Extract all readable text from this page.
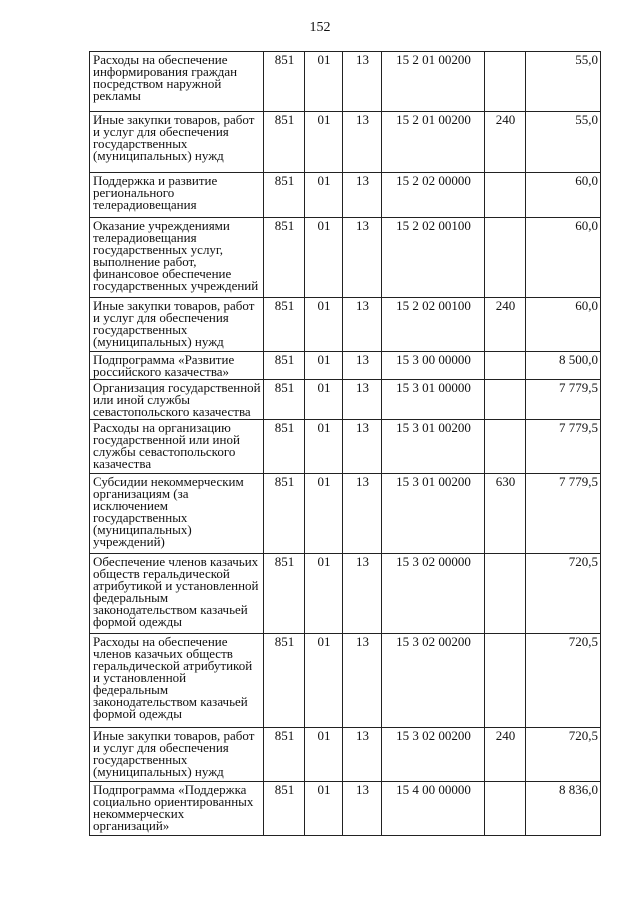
152
Расходы на обеспечение информирования граждан посредством наружной рекламы	851	01	13	15 2 01 00200		55,0
Иные закупки товаров, работ и услуг для обеспечения государственных (муниципальных) нужд	851	01	13	15 2 01 00200	240	55,0
Поддержка и развитие регионального телерадиовещания	851	01	13	15 2 02 00000		60,0
Оказание учреждениями телерадиовещания государственных услуг, выполнение работ, финансовое обеспечение государственных учреждений	851	01	13	15 2 02 00100		60,0
Иные закупки товаров, работ и услуг для обеспечения государственных (муниципальных) нужд	851	01	13	15 2 02 00100	240	60,0
Подпрограмма «Развитие российского казачества»	851	01	13	15 3 00 00000		8 500,0
Организация государственной или иной службы севастопольского казачества	851	01	13	15 3 01 00000		7 779,5
Расходы на организацию государственной или иной службы севастопольского казачества	851	01	13	15 3 01 00200		7 779,5
Субсидии некоммерческим организациям (за исключением государственных (муниципальных) учреждений)	851	01	13	15 3 01 00200	630	7 779,5
Обеспечение членов казачьих обществ геральдической атрибутикой и установленной федеральным законодательством казачьей формой одежды	851	01	13	15 3 02 00000		720,5
Расходы на обеспечение членов казачьих обществ геральдической атрибутикой и установленной федеральным законодательством казачьей формой одежды	851	01	13	15 3 02 00200		720,5
Иные закупки товаров, работ и услуг для обеспечения государственных (муниципальных) нужд	851	01	13	15 3 02 00200	240	720,5
Подпрограмма «Поддержка социально ориентированных некоммерческих организаций»	851	01	13	15 4 00 00000		8 836,0
